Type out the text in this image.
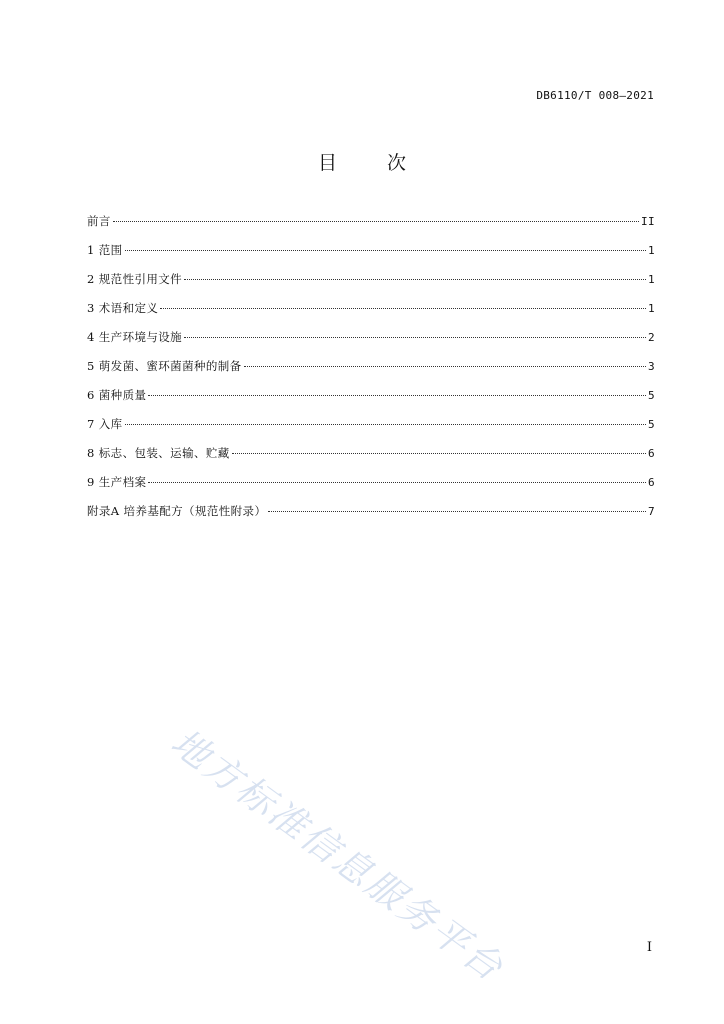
DB6110/T 008—2021
目 次
前言	II
1 范围	1
2 规范性引用文件	1
3 术语和定义	1
4 生产环境与设施	2
5 萌发菌、蜜环菌菌种的制备	3
6 菌种质量	5
7 入库	5
8 标志、包装、运输、贮藏	6
9 生产档案	6
附录A 培养基配方（规范性附录）	7
地方标准信息服务平台	I
